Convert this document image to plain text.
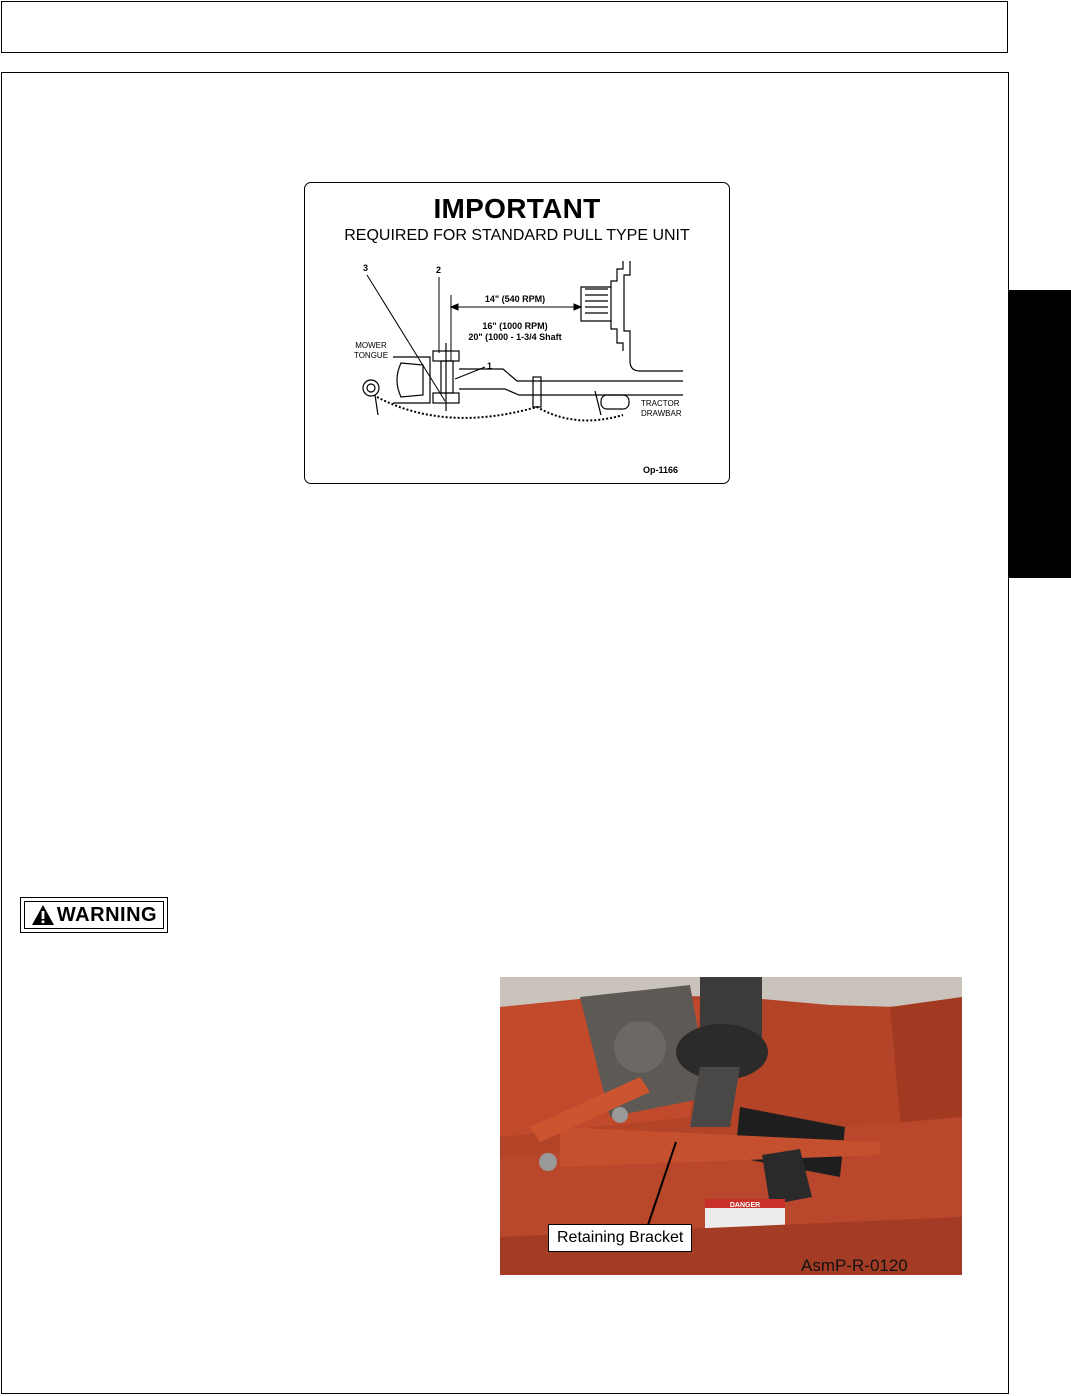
IMPORTANT
REQUIRED FOR STANDARD PULL TYPE UNIT
14" (540 RPM)
16" (1000 RPM)
20" (1000 - 1-3/4 Shaft
3	2
1
MOWER
TONGUE
TRACTOR
DRAWBAR
Op-1166
WARNING
DANGER
Retaining Bracket
AsmP-R-0120
